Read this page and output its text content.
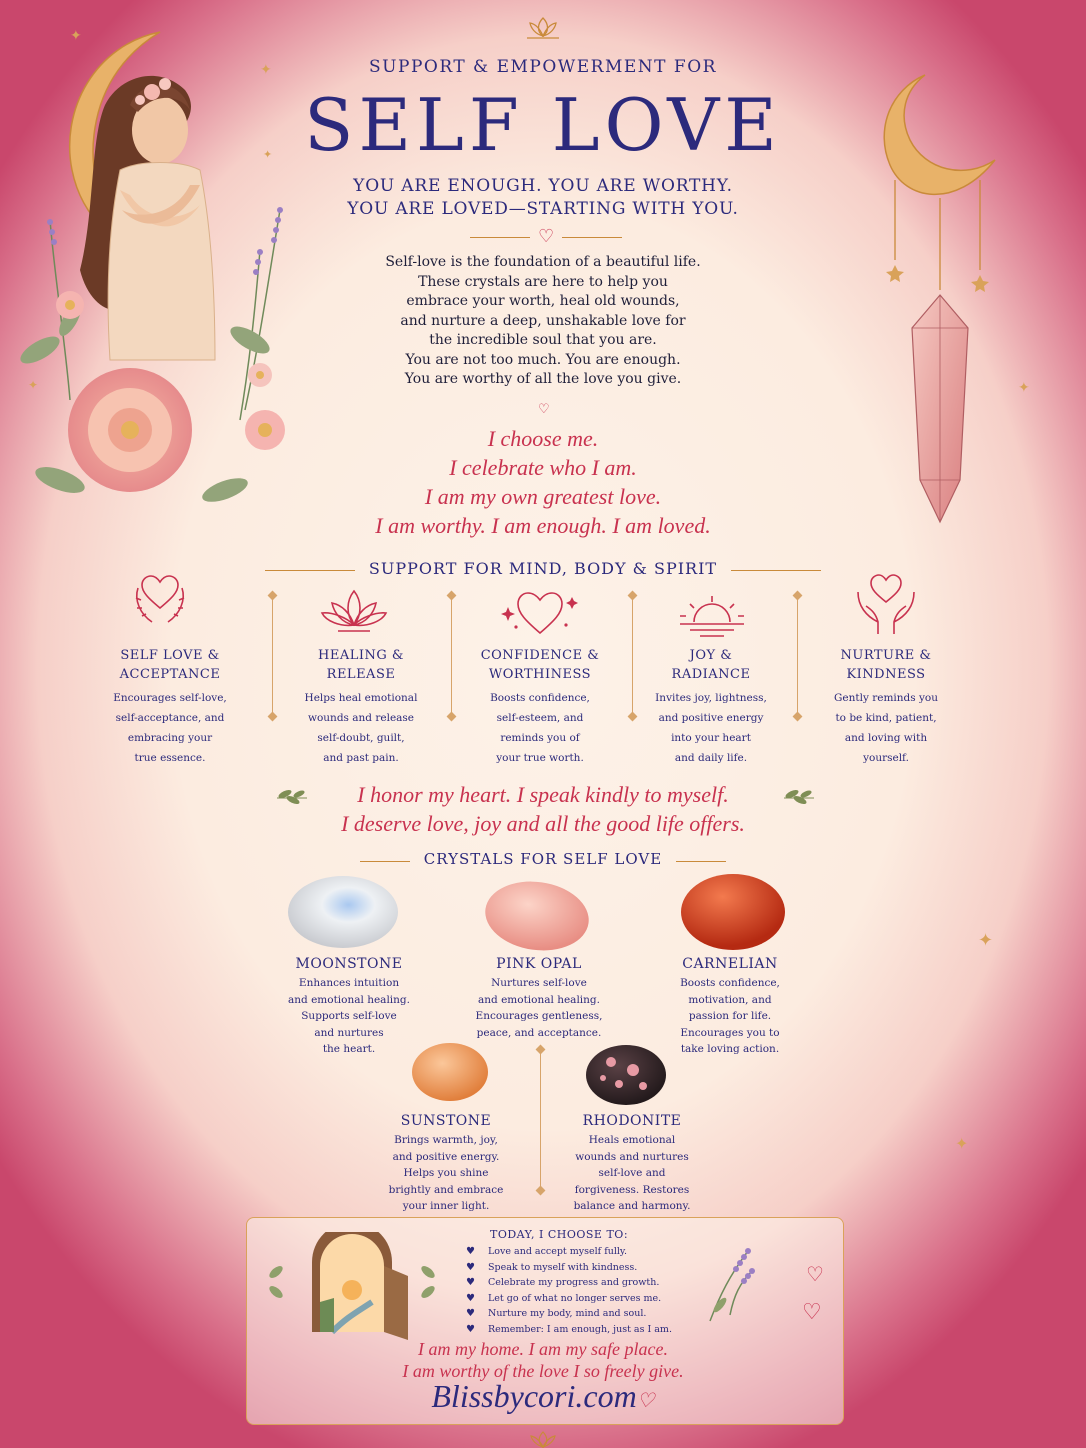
✦
✦
✦
✦	✦
✦
✦
SUPPORT & EMPOWERMENT FOR
SELF LOVE
YOU ARE ENOUGH. YOU ARE WORTHY.
YOU ARE LOVED—STARTING WITH YOU.
♡
Self-love is the foundation of a beautiful life.
These crystals are here to help you
embrace your worth, heal old wounds,
and nurture a deep, unshakable love for
the incredible soul that you are.
You are not too much. You are enough.
You are worthy of all the love you give.
♡
I choose me.
I celebrate who I am.
I am my own greatest love.
I am worthy. I am enough. I am loved.
SUPPORT FOR MIND, BODY & SPIRIT
SELF LOVE &
ACCEPTANCE
Encourages self-love,
self-acceptance, and
embracing your
true essence.
HEALING &
RELEASE
Helps heal emotional
wounds and release
self-doubt, guilt,
and past pain.
CONFIDENCE &
WORTHINESS
Boosts confidence,
self-esteem, and
reminds you of
your true worth.
JOY &
RADIANCE
Invites joy, lightness,
and positive energy
into your heart
and daily life.
NURTURE &
KINDNESS
Gently reminds you
to be kind, patient,
and loving with
yourself.
I honor my heart. I speak kindly to myself.
I deserve love, joy and all the good life offers.
CRYSTALS FOR SELF LOVE
MOONSTONE
Enhances intuition
and emotional healing.
Supports self-love
and nurtures
the heart.
PINK OPAL
Nurtures self-love
and emotional healing.
Encourages gentleness,
peace, and acceptance.
CARNELIAN
Boosts confidence,
motivation, and
passion for life.
Encourages you to
take loving action.
SUNSTONE
Brings warmth, joy,
and positive energy.
Helps you shine
brightly and embrace
your inner light.
RHODONITE
Heals emotional
wounds and nurtures
self-love and
forgiveness. Restores
balance and harmony.
♡
♡
TODAY, I CHOOSE TO:
♥ Love and accept myself fully.
♥ Speak to myself with kindness.
♥ Celebrate my progress and growth.
♥ Let go of what no longer serves me.
♥ Nurture my body, mind and soul.
♥ Remember: I am enough, just as I am.
I am my home. I am my safe place.
I am worthy of the love I so freely give.
Blissbycori.com♡
